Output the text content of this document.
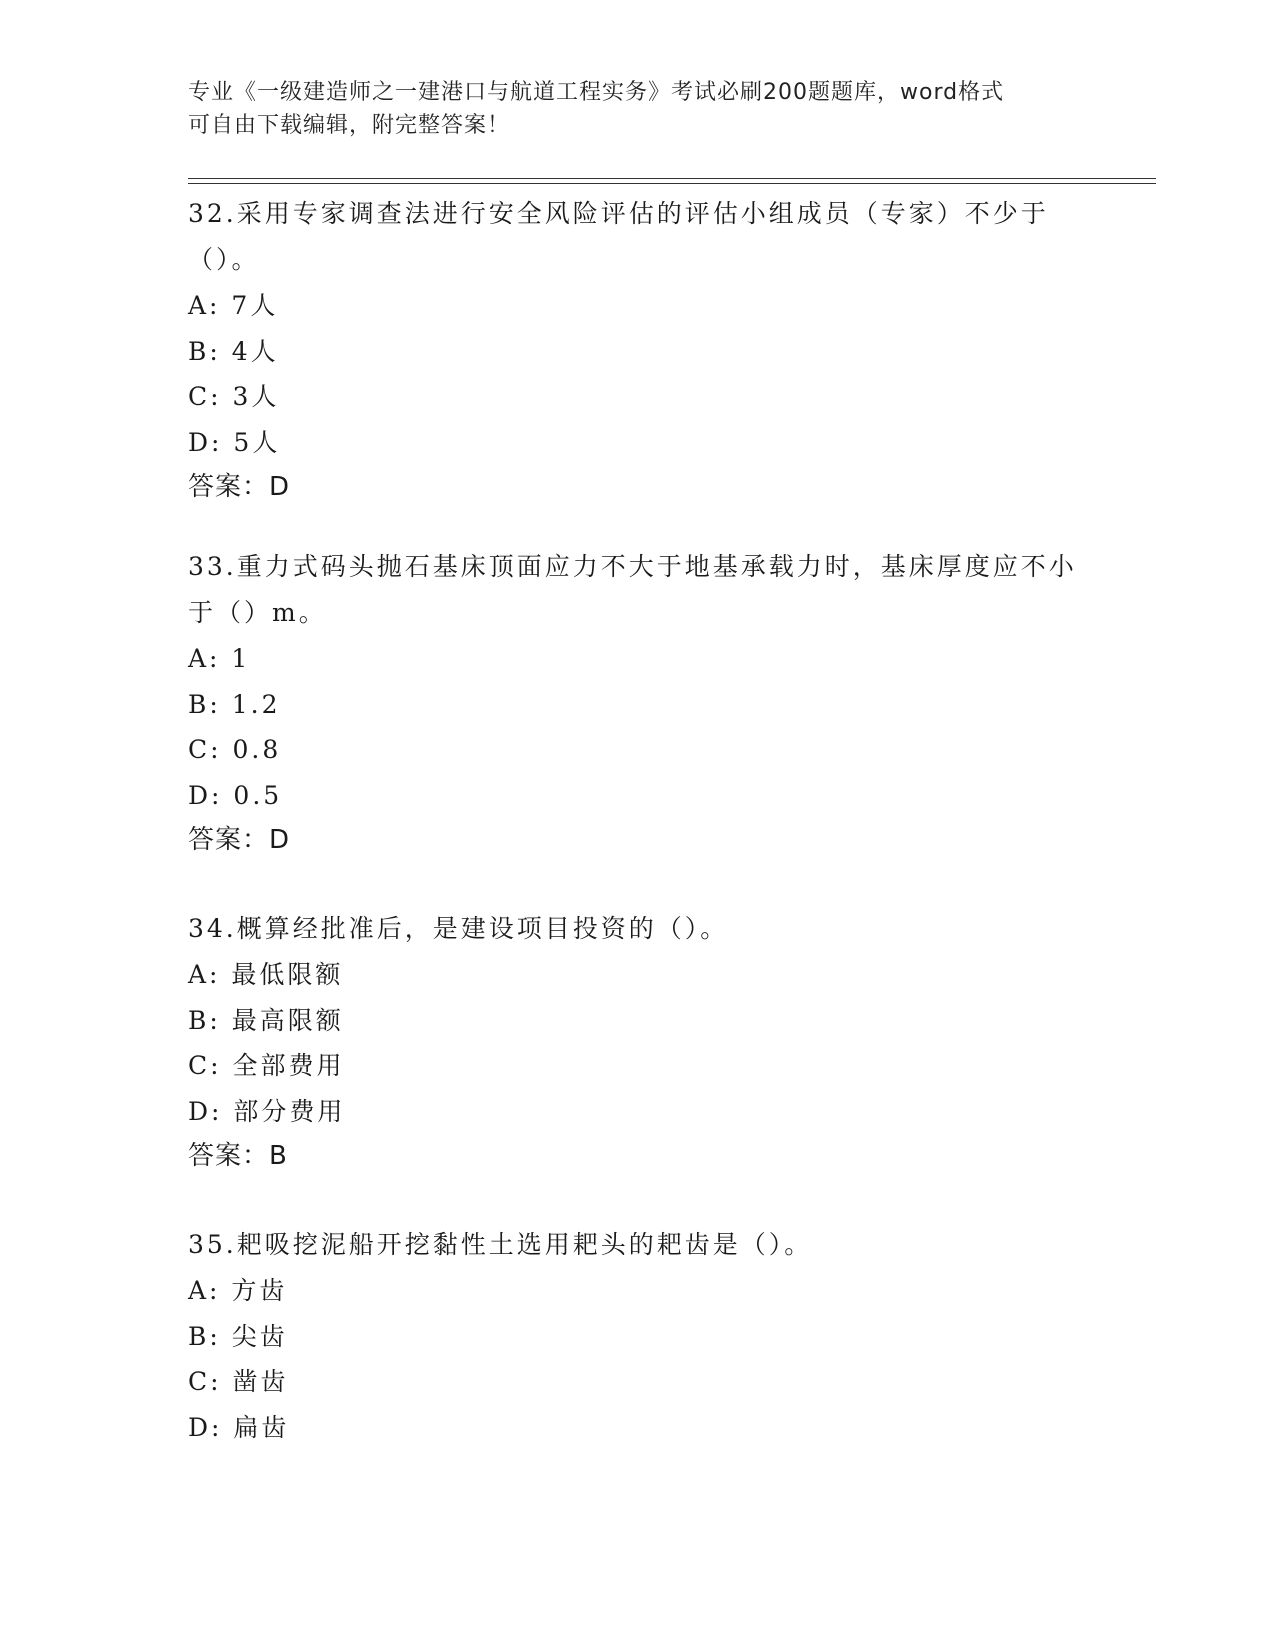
专业《一级建造师之一建港口与航道工程实务》考试必刷200题题库，word格式
可自由下载编辑，附完整答案！

32.采用专家调查法进行安全风险评估的评估小组成员（专家）不少于（）。

A: 7人

B: 4人

C: 3人

D: 5人

答案：D

33.重力式码头抛石基床顶面应力不大于地基承载力时，基床厚度应不小于（）m。

A: 1

B: 1.2

C: 0.8

D: 0.5

答案：D

34.概算经批准后，是建设项目投资的（）。

A: 最低限额

B: 最高限额

C: 全部费用

D: 部分费用

答案：B

35.耙吸挖泥船开挖黏性土选用耙头的耙齿是（）。

A: 方齿

B: 尖齿

C: 凿齿

D: 扁齿
